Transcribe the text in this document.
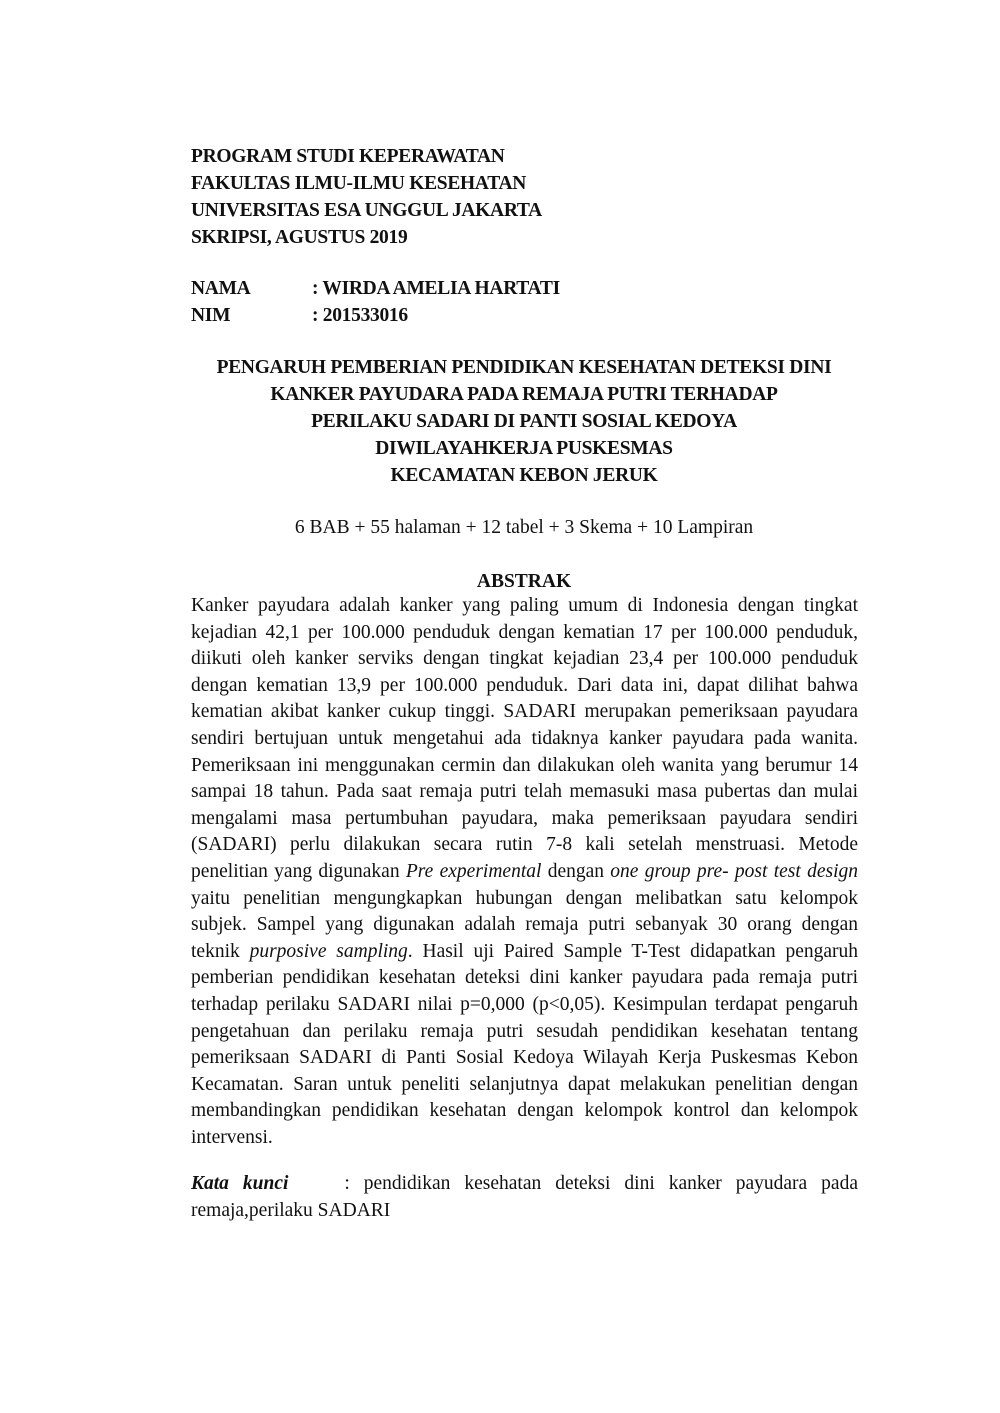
PROGRAM STUDI KEPERAWATAN
FAKULTAS ILMU-ILMU KESEHATAN
UNIVERSITAS ESA UNGGUL JAKARTA
SKRIPSI, AGUSTUS 2019
NAMA	: WIRDA AMELIA HARTATI
NIM	: 201533016
PENGARUH PEMBERIAN PENDIDIKAN KESEHATAN DETEKSI DINI
KANKER PAYUDARA PADA REMAJA PUTRI TERHADAP
PERILAKU SADARI DI PANTI SOSIAL KEDOYA
DIWILAYAHKERJA PUSKESMAS
KECAMATAN KEBON JERUK
6 BAB + 55 halaman + 12 tabel + 3 Skema + 10 Lampiran
ABSTRAK
Kanker payudara adalah kanker yang paling umum di Indonesia dengan tingkat
kejadian 42,1 per 100.000 penduduk dengan kematian 17 per 100.000 penduduk,
diikuti oleh kanker serviks dengan tingkat kejadian 23,4 per 100.000 penduduk
dengan kematian 13,9 per 100.000 penduduk. Dari data ini, dapat dilihat bahwa
kematian akibat kanker cukup tinggi. SADARI merupakan pemeriksaan payudara
sendiri bertujuan untuk mengetahui ada tidaknya kanker payudara pada wanita.
Pemeriksaan ini menggunakan cermin dan dilakukan oleh wanita yang berumur 14
sampai 18 tahun. Pada saat remaja putri telah memasuki masa pubertas dan mulai
mengalami masa pertumbuhan payudara, maka pemeriksaan payudara sendiri
(SADARI) perlu dilakukan secara rutin 7-8 kali setelah menstruasi. Metode
penelitian yang digunakan Pre experimental dengan one group pre- post test design
yaitu penelitian mengungkapkan hubungan dengan melibatkan satu kelompok
subjek. Sampel yang digunakan adalah remaja putri sebanyak 30 orang dengan
teknik purposive sampling. Hasil uji Paired Sample T-Test didapatkan pengaruh
pemberian pendidikan kesehatan deteksi dini kanker payudara pada remaja putri
terhadap perilaku SADARI nilai p=0,000 (p<0,05). Kesimpulan terdapat pengaruh
pengetahuan dan perilaku remaja putri sesudah pendidikan kesehatan tentang
pemeriksaan SADARI di Panti Sosial Kedoya Wilayah Kerja Puskesmas Kebon
Kecamatan. Saran untuk peneliti selanjutnya dapat melakukan penelitian dengan
membandingkan pendidikan kesehatan dengan kelompok kontrol dan kelompok
intervensi.
Kata kunci	: pendidikan kesehatan deteksi dini kanker payudara pada
remaja,perilaku SADARI
